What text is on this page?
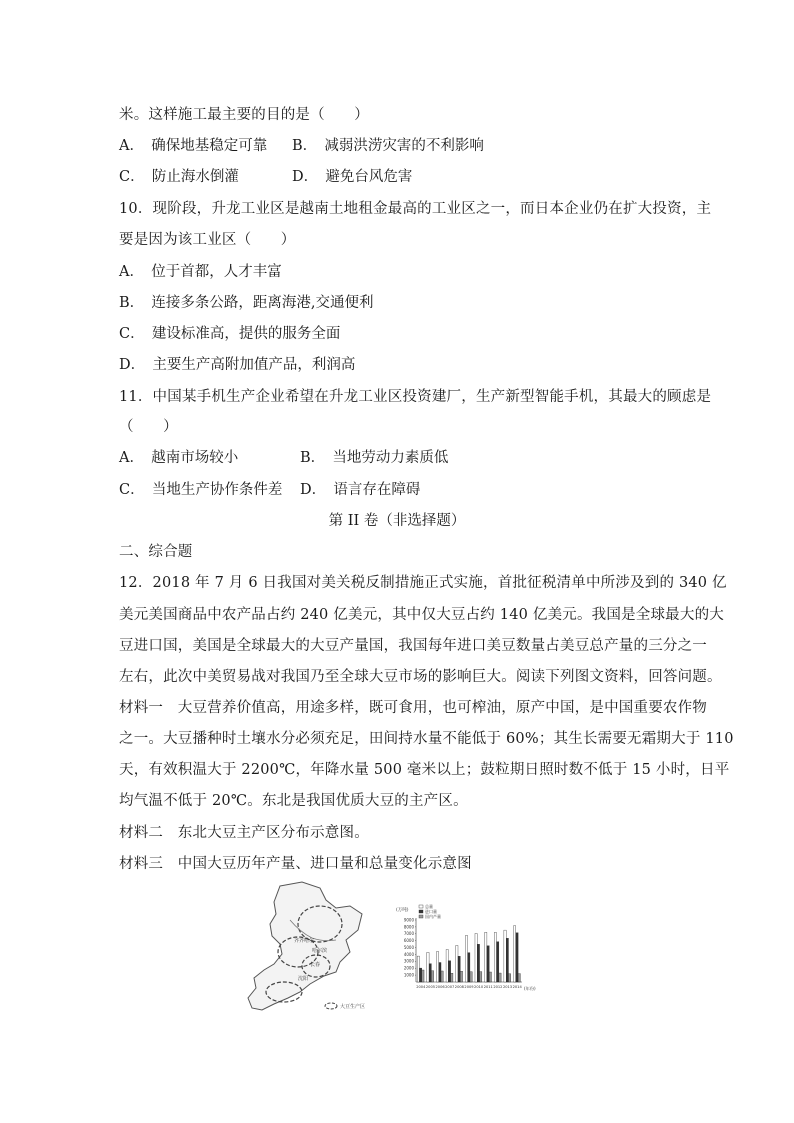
米。这样施工最主要的目的是（　　）
A．　确保地基稳定可靠 B．　减弱洪涝灾害的不利影响
C．　防止海水倒灌	D．　避免台风危害
10．现阶段，升龙工业区是越南土地租金最高的工业区之一，而日本企业仍在扩大投资，主
要是因为该工业区（　　）
A．　位于首都，人才丰富
B．　连接多条公路，距离海港,交通便利
C．　建设标准高，提供的服务全面
D．　主要生产高附加值产品，利润高
11．中国某手机生产企业希望在升龙工业区投资建厂，生产新型智能手机，其最大的顾虑是
（　　）
A．　越南市场较小	B．　当地劳动力素质低
C．　当地生产协作条件差 D．　语言存在障碍
第 II 卷（非选择题）
二、综合题
12．2018 年 7 月 6 日我国对美关税反制措施正式实施，首批征税清单中所涉及到的 340 亿
美元美国商品中农产品占约 240 亿美元，其中仅大豆占约 140 亿美元。我国是全球最大的大
豆进口国，美国是全球最大的大豆产量国，我国每年进口美豆数量占美豆总产量的三分之一
左右，此次中美贸易战对我国乃至全球大豆市场的影响巨大。阅读下列图文资料，回答问题。
材料一　大豆营养价值高，用途多样，既可食用，也可榨油，原产中国，是中国重要农作物
之一。大豆播种时土壤水分必须充足，田间持水量不能低于 60%；其生长需要无霜期大于 110
天，有效积温大于 2200℃，年降水量 500 毫米以上；鼓粒期日照时数不低于 15 小时，日平
均气温不低于 20℃。东北是我国优质大豆的主产区。
材料二　东北大豆主产区分布示意图。
材料三　中国大豆历年产量、进口量和总量变化示意图
齐齐哈尔
哈尔滨
长春
沈阳
大豆生产区
(万吨)
总量
进口量
国内产量
9000
8000
7000
6000
5000
4000
3000
2000
1000
2004 2005 2006 2007 2008 2009 2010 2011 2012 2013 2014 (年份)
